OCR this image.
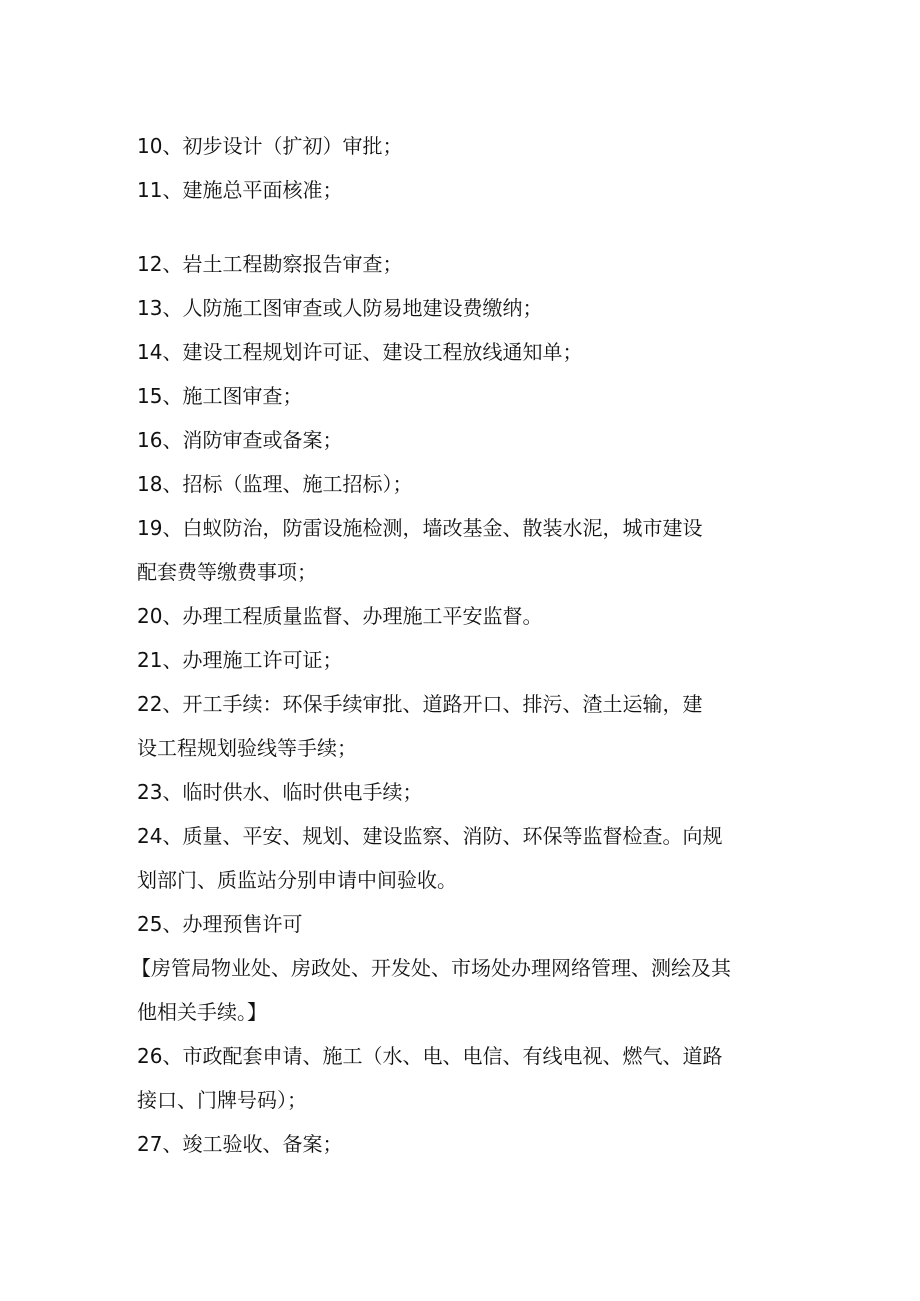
10、初步设计（扩初）审批；

11、建施总平面核准；

12、岩土工程勘察报告审查；

13、人防施工图审查或人防易地建设费缴纳；

14、建设工程规划许可证、建设工程放线通知单；

15、施工图审查；

16、消防审查或备案；

18、招标（监理、施工招标）；

19、白蚁防治，防雷设施检测，墙改基金、散装水泥，城市建设

配套费等缴费事项；

20、办理工程质量监督、办理施工平安监督。

21、办理施工许可证；

22、开工手续：环保手续审批、道路开口、排污、渣土运输，建

设工程规划验线等手续；

23、临时供水、临时供电手续；

24、质量、平安、规划、建设监察、消防、环保等监督检查。向规

划部门、质监站分别申请中间验收。

25、办理预售许可

【房管局物业处、房政处、开发处、市场处办理网络管理、测绘及其

他相关手续。】

26、市政配套申请、施工（水、电、电信、有线电视、燃气、道路

接口、门牌号码）；

27、竣工验收、备案；
